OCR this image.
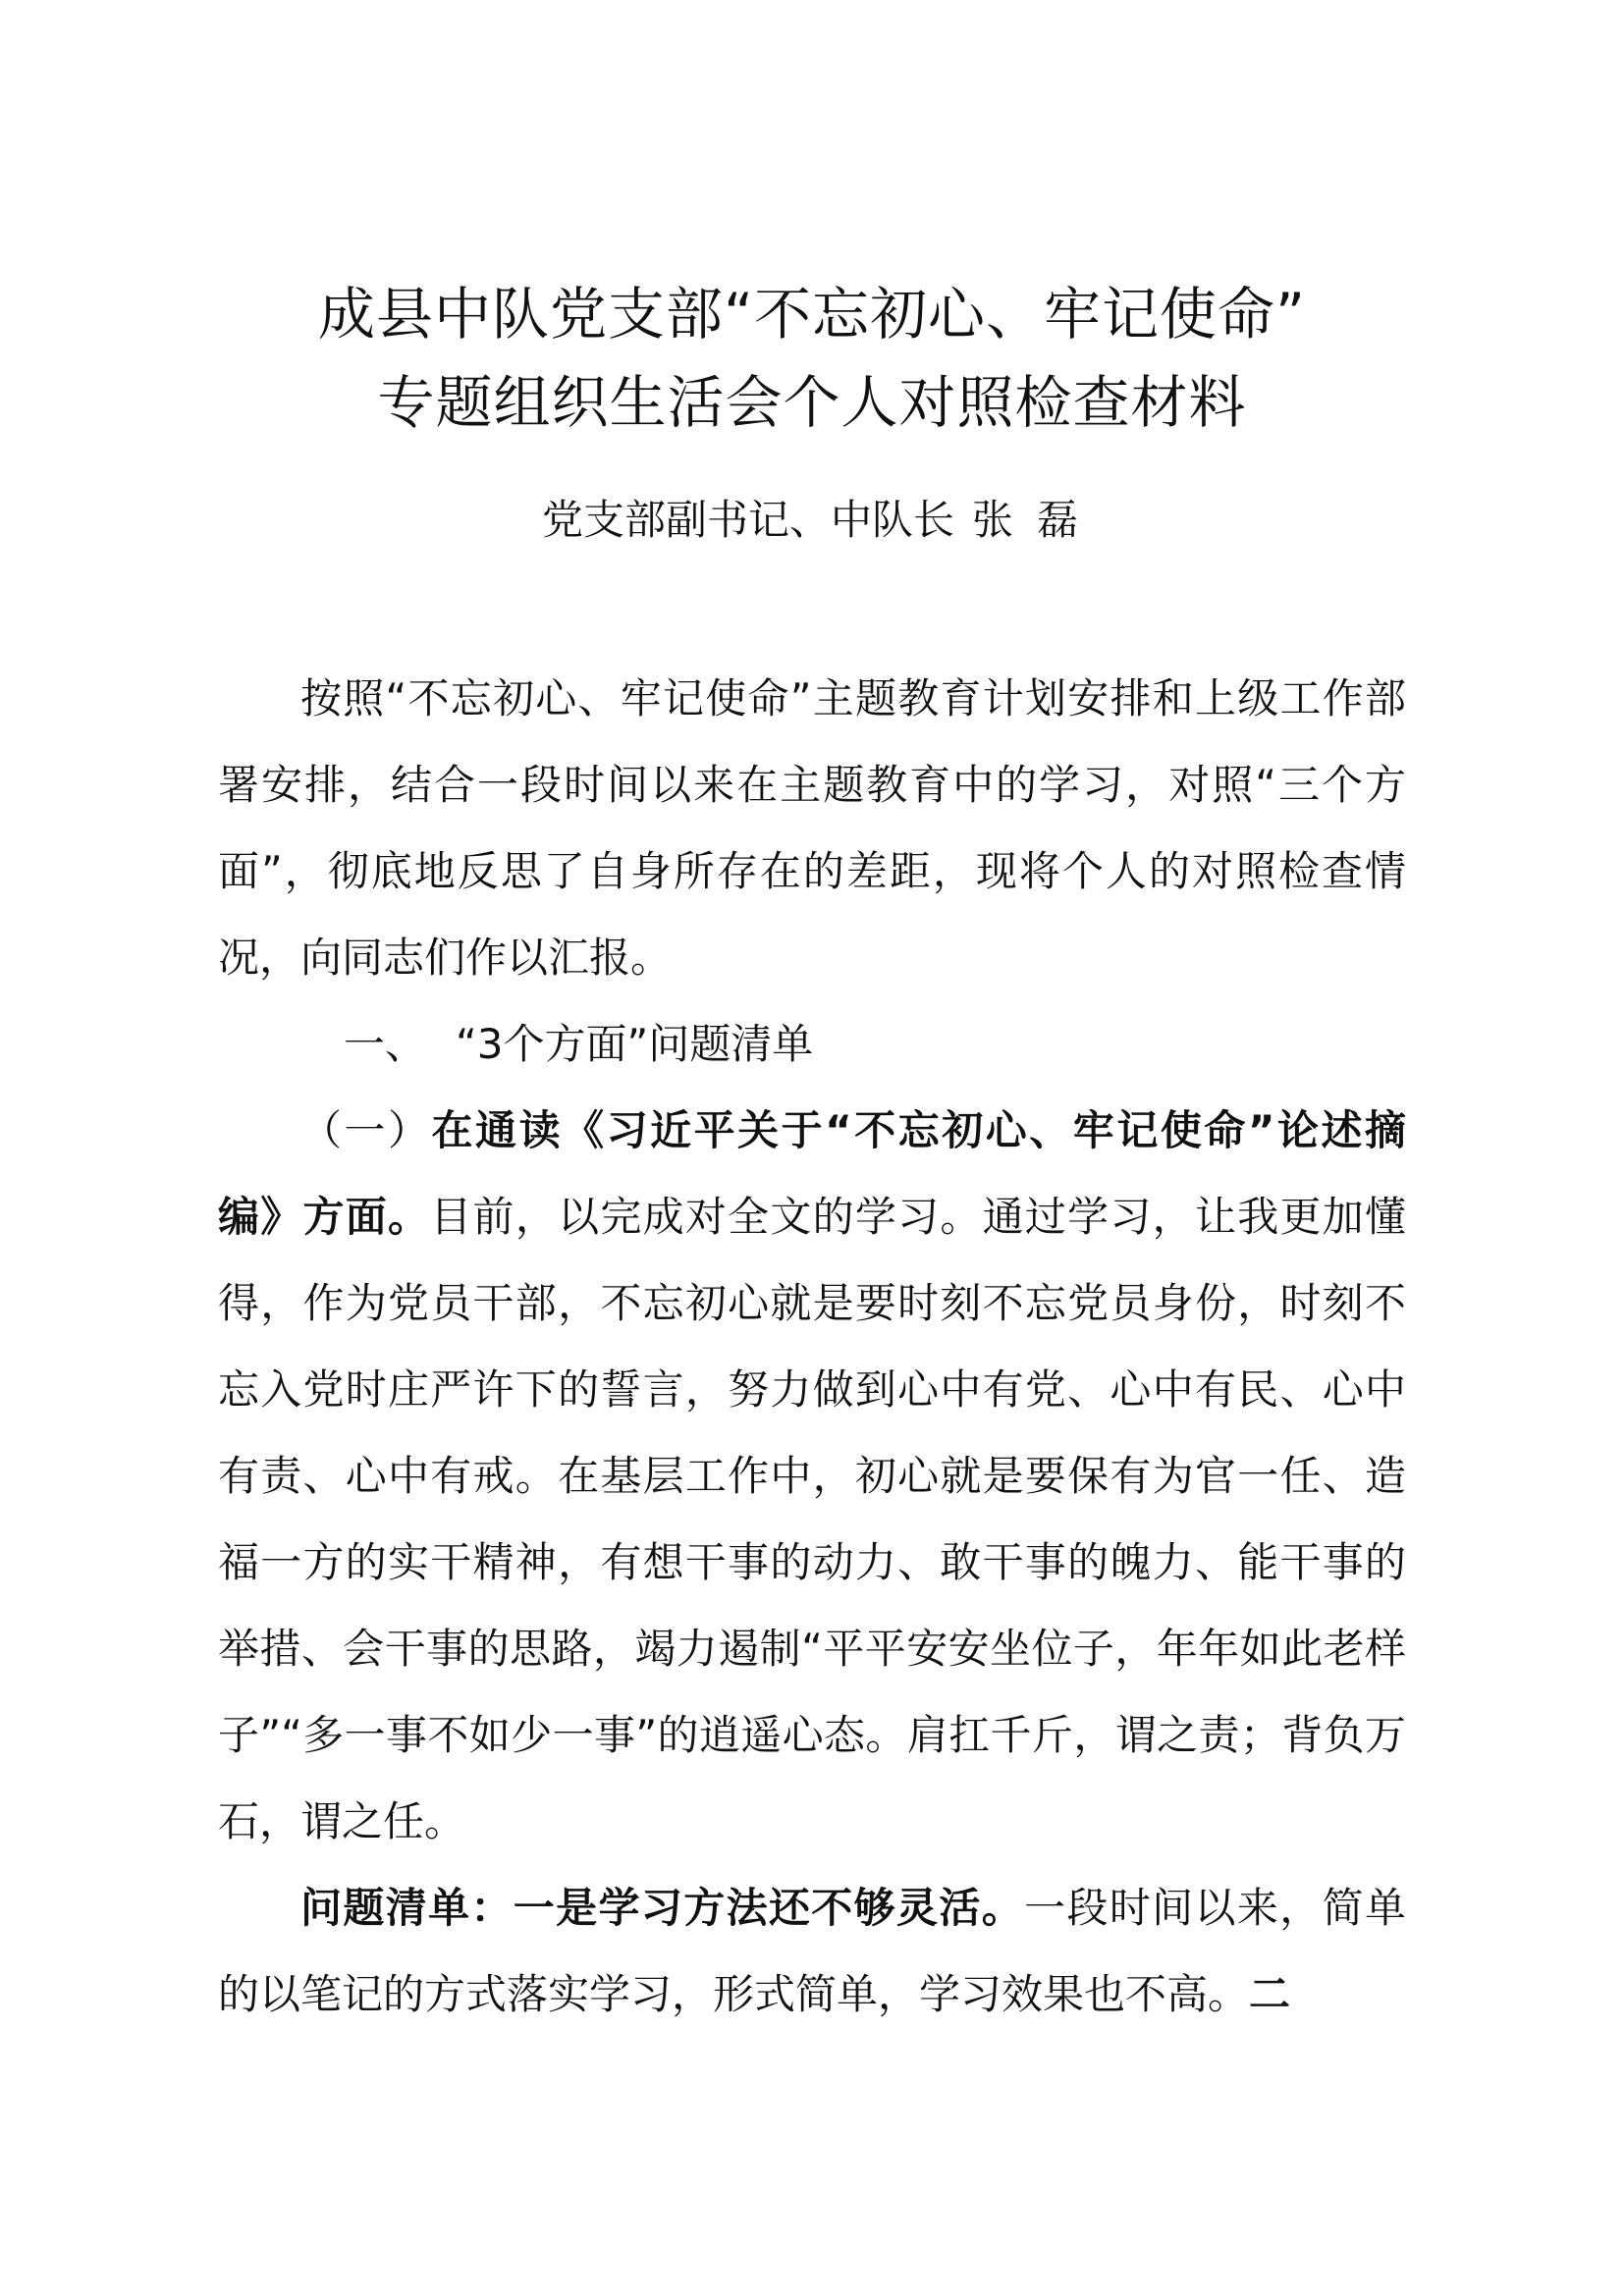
成县中队党支部“不忘初心、牢记使命”
专题组织生活会个人对照检查材料

党支部副书记、中队长 张磊

按照“不忘初心、牢记使命”主题教育计划安排和上级工作部署安排，结合一段时间以来在主题教育中的学习，对照“三个方面”，彻底地反思了自身所存在的差距，现将个人的对照检查情况，向同志们作以汇报。

一、 “3个方面”问题清单

（一）在通读《习近平关于“不忘初心、牢记使命”论述摘编》方面。目前，以完成对全文的学习。通过学习，让我更加懂得，作为党员干部，不忘初心就是要时刻不忘党员身份，时刻不忘入党时庄严许下的誓言，努力做到心中有党、心中有民、心中有责、心中有戒。在基层工作中，初心就是要保有为官一任、造福一方的实干精神，有想干事的动力、敢干事的魄力、能干事的举措、会干事的思路，竭力遏制“平平安安坐位子，年年如此老样子”“多一事不如少一事”的逍遥心态。肩扛千斤，谓之责；背负万石，谓之任。

问题清单：一是学习方法还不够灵活。一段时间以来，简单的以笔记的方式落实学习，形式简单，学习效果也不高。二
